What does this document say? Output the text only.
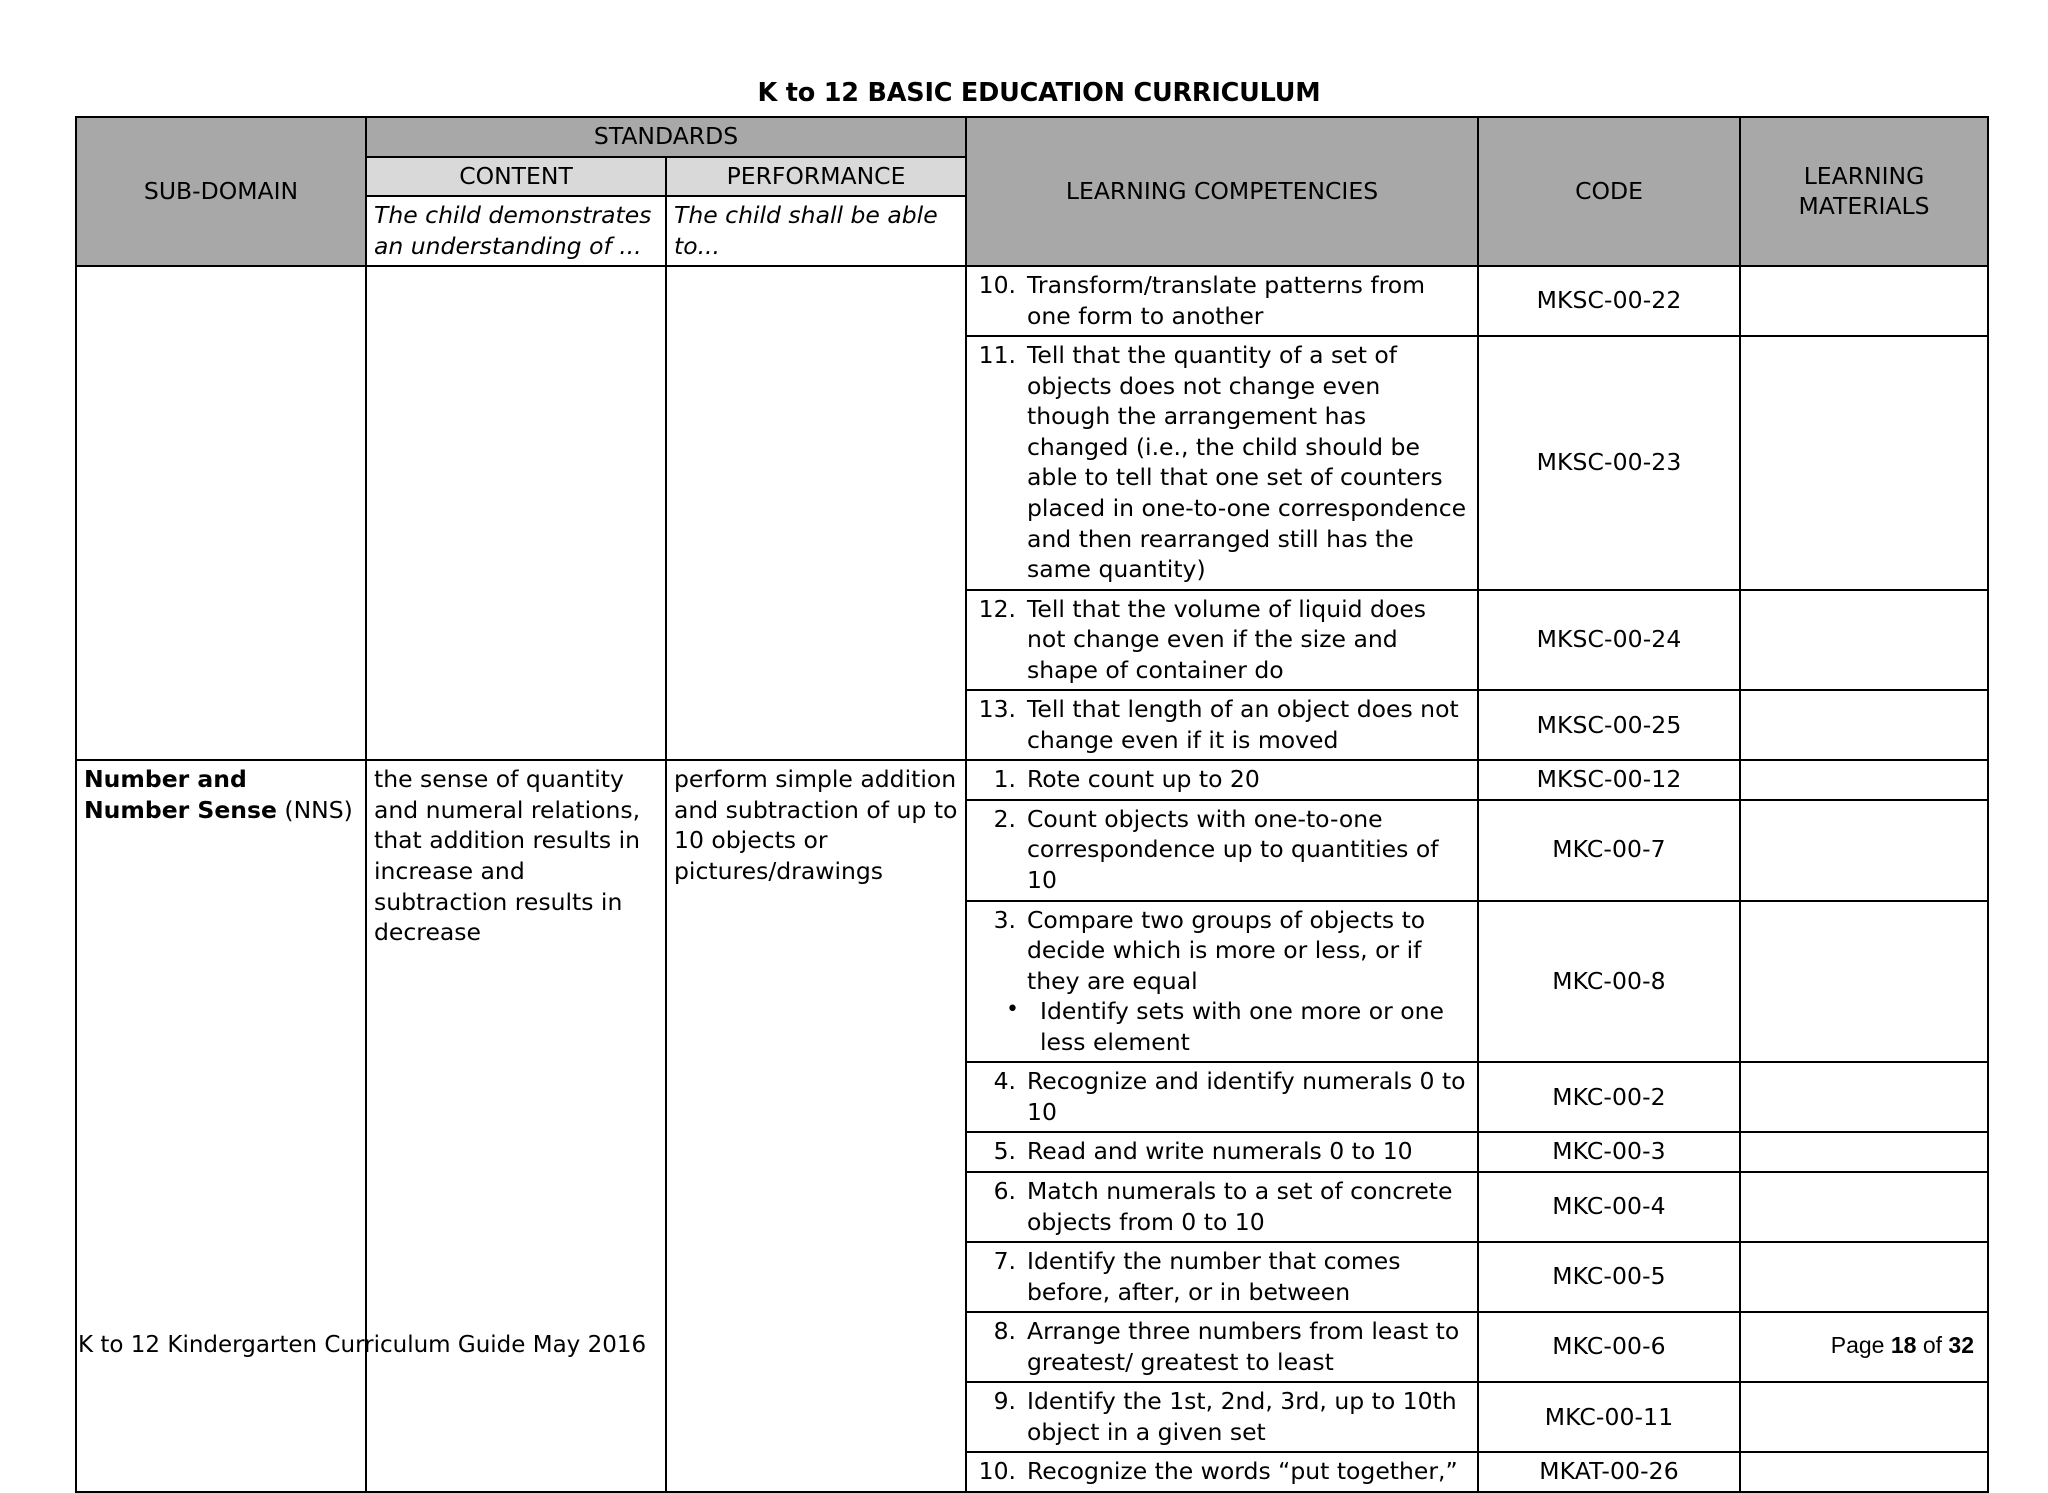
K to 12 BASIC EDUCATION CURRICULUM
SUB-DOMAIN	STANDARDS		LEARNING COMPETENCIES	CODE	LEARNING MATERIALS
	CONTENT	PERFORMANCE			
	The child demonstrates an understanding of ...	The child shall be able to...			

			10. Transform/translate patterns from one form to another	MKSC-00-22	

			11. Tell that the quantity of a set of objects does not change even though the arrangement has changed (i.e., the child should be able to tell that one set of counters placed in one-to-one correspondence and then rearranged still has the same quantity)	MKSC-00-23	

			12. Tell that the volume of liquid does not change even if the size and shape of container do	MKSC-00-24	

			13. Tell that length of an object does not change even if it is moved	MKSC-00-25	
Number and Number Sense (NNS)	the sense of quantity and numeral relations, that addition results in increase and subtraction results in decrease	perform simple addition and subtraction of up to 10 objects or pictures/drawings	1. Rote count up to 20	MKSC-00-12	

			2. Count objects with one-to-one correspondence up to quantities of 10	MKC-00-7	

			3. Compare two groups of objects to decide which is more or less, or if they are equal
• Identify sets with one more or one less element	MKC-00-8	

			4. Recognize and identify numerals 0 to 10	MKC-00-2	

			5. Read and write numerals 0 to 10	MKC-00-3	

			6. Match numerals to a set of concrete objects from 0 to 10	MKC-00-4	

			7. Identify the number that comes before, after, or in between	MKC-00-5	

			8. Arrange three numbers from least to greatest/ greatest to least	MKC-00-6	

			9. Identify the 1st, 2nd, 3rd, up to 10th object in a given set	MKC-00-11	

			10. Recognize the words “put together,”	MKAT-00-26	
K to 12 Kindergarten Curriculum Guide May 2016	Page 18 of 32
